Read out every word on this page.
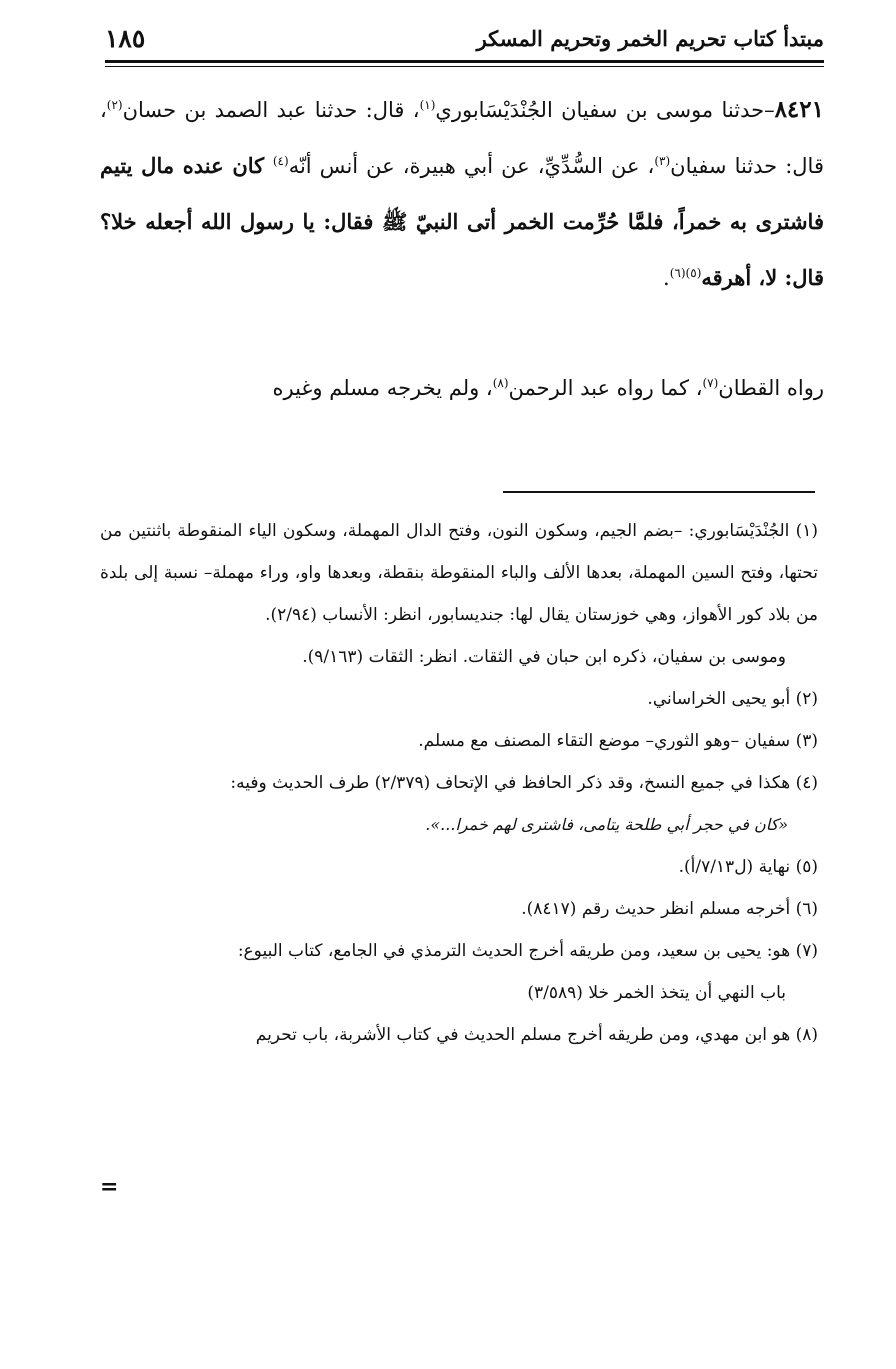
مبتدأ كتاب تحريم الخمر وتحريم المسكر
١٨٥
٨٤٢١–حدثنا موسى بن سفيان الجُنْدَيْسَابوري$^{(١)}$، قال: حدثنا عبد الصمد بن حسان$^{(٢)}$، قال: حدثنا سفيان$^{(٣)}$، عن السُّدِّيِّ، عن أبي هبيرة، عن أنس أنّه$^{(٤)}$ كان عنده مال يتيم فاشترى به خمراً، فلمَّا حُرِّمت الخمر أتى النبيّ ﷺ فقال: يا رسول الله أجعله خلا؟ قال: لا، أهرقه$^{(٥)(٦)}$.
رواه القطان$^{(٧)}$، كما رواه عبد الرحمن$^{(٨)}$، ولم يخرجه مسلم وغيره
(١) الجُنْدَيْسَابوري: –بضم الجيم، وسكون النون، وفتح الدال المهملة، وسكون الياء المنقوطة باثنتين من تحتها، وفتح السين المهملة، بعدها الألف والباء المنقوطة بنقطة، وبعدها واو، وراء مهملة– نسبة إلى بلدة من بلاد كور الأهواز، وهي خوزستان يقال لها: جنديسابور، انظر: الأنساب (٢/٩٤).
وموسى بن سفيان، ذكره ابن حبان في الثقات. انظر: الثقات (٩/١٦٣).
(٢) أبو يحيى الخراساني.
(٣) سفيان –وهو الثوري– موضع التقاء المصنف مع مسلم.
(٤) هكذا في جميع النسخ، وقد ذكر الحافظ في الإتحاف (٢/٣٧٩) طرف الحديث وفيه:
«كان في حجر أبي طلحة يتامى، فاشترى لهم خمرا...».
(٥) نهاية (ل٧/١٣/أ).
(٦) أخرجه مسلم انظر حديث رقم (٨٤١٧).
(٧) هو: يحيى بن سعيد، ومن طريقه أخرج الحديث الترمذي في الجامع، كتاب البيوع:
باب النهي أن يتخذ الخمر خلا (٣/٥٨٩)
(٨) هو ابن مهدي، ومن طريقه أخرج مسلم الحديث في كتاب الأشربة، باب تحريم
=
